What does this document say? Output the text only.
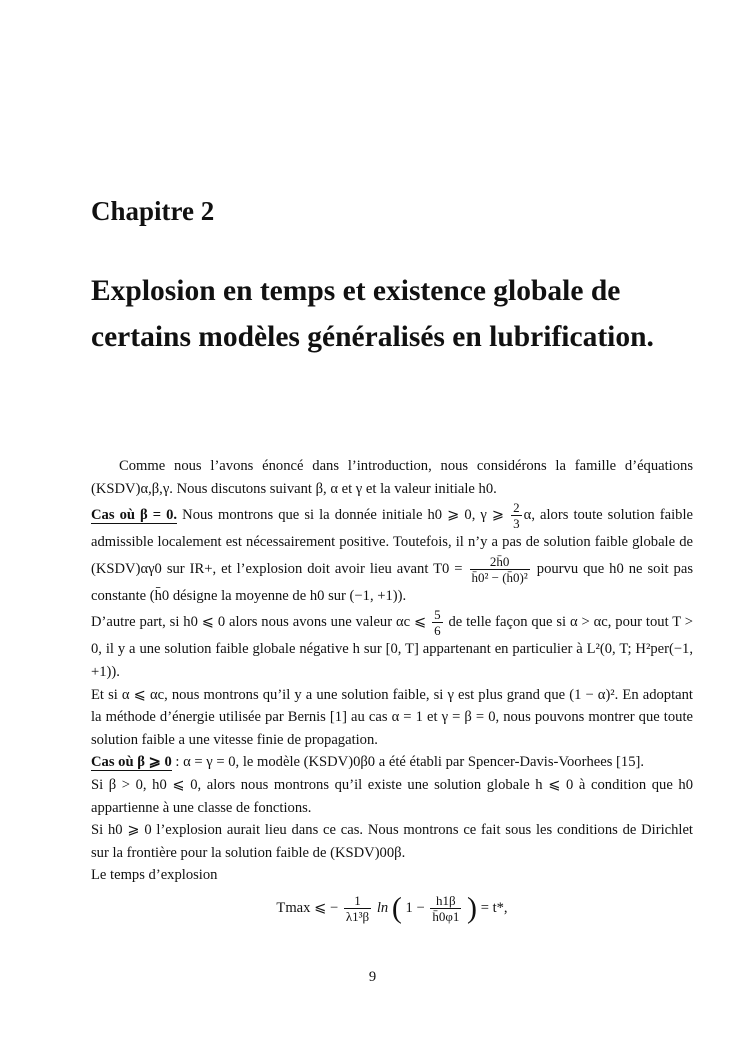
Chapitre 2
Explosion en temps et existence globale de certains modèles généralisés en lubrification.

Comme nous l’avons énoncé dans l’introduction, nous considérons la famille d’équations (KSDV)α,β,γ. Nous discutons suivant β, α et γ et la valeur initiale h0.

Cas où β = 0. Nous montrons que si la donnée initiale h0 ⩾ 0, γ ⩾ $\frac{2}{3} \alpha$, alors toute solution faible admissible localement est nécessairement positive. Toutefois, il n’y a pas de solution faible globale de (KSDV)αγ0 sur IR+, et l’explosion doit avoir lieu avant $T0 = \frac{2h̄0}{\text{h̄0² − (h̄0)²}}$ pourvu que h0 ne soit pas constante (h̄0 désigne la moyenne de h0 sur (−1, +1)).

D’autre part, si h0 ⩽ 0 alors nous avons une valeur αc ⩽ $\frac{5}{6}$ de telle façon que si α > αc, pour tout T > 0, il y a une solution faible globale négative h sur [0, T] appartenant en particulier à L²(0, T; H²per(−1, +1)).

Et si α ⩽ αc, nous montrons qu’il y a une solution faible, si γ est plus grand que (1 − α)². En adoptant la méthode d’énergie utilisée par Bernis [1] au cas α = 1 et γ = β = 0, nous pouvons montrer que toute solution faible a une vitesse finie de propagation.

Cas où β ⩾ 0 : α = γ = 0, le modèle (KSDV)0β0 a été établi par Spencer-Davis-Voorhees [15].

Si β > 0, h0 ⩽ 0, alors nous montrons qu’il existe une solution globale h ⩽ 0 à condition que h0 appartienne à une classe de fonctions.

Si h0 ⩾ 0 l’explosion aurait lieu dans ce cas. Nous montrons ce fait sous les conditions de Dirichlet sur la frontière pour la solution faible de (KSDV)00β.

Le temps d’explosion

Tmax ⩽ − $\frac{1}{\text{λ1³β}}$ ln ( $1 - \frac{h1\beta}{h̄0\varphi 1}$ ) = t*,

9
